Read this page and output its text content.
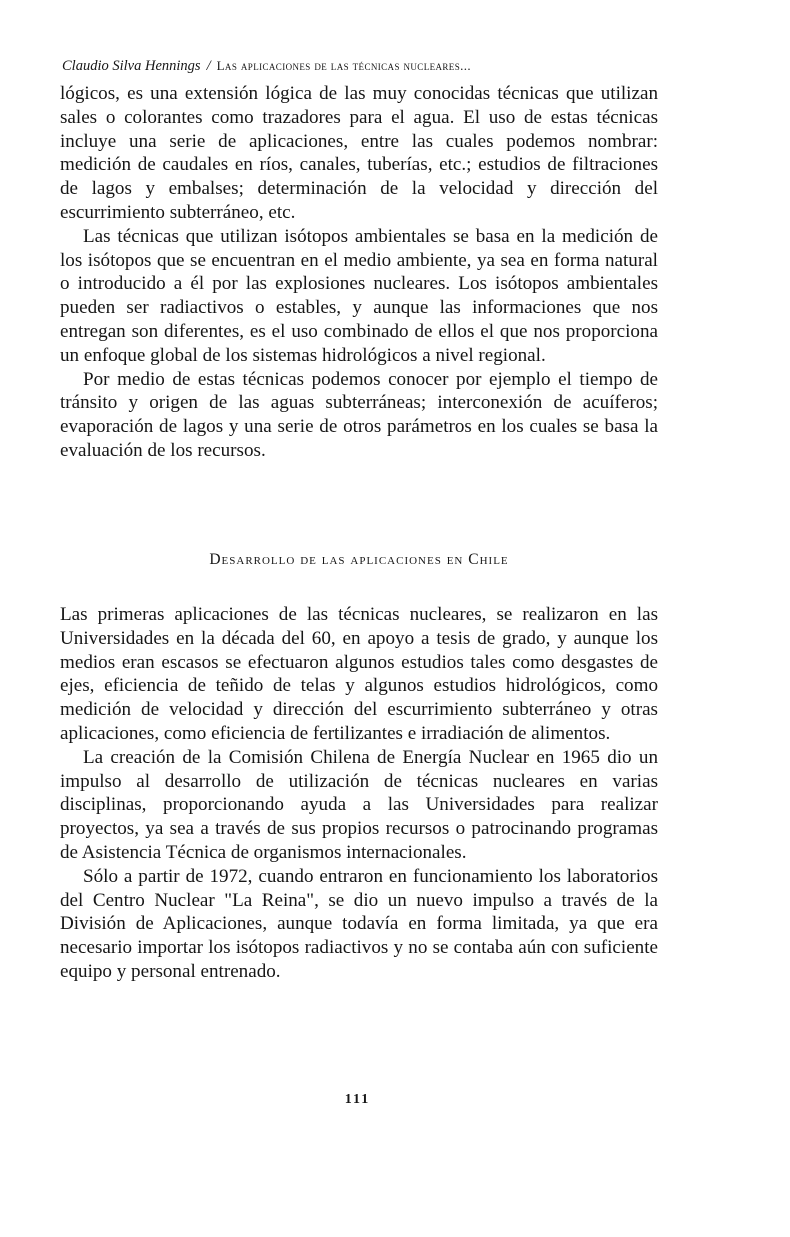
Claudio Silva Hennings / Las aplicaciones de las técnicas nucleares...

lógicos, es una extensión lógica de las muy conocidas técnicas que utilizan sales o colorantes como trazadores para el agua. El uso de estas técnicas incluye una serie de aplicaciones, entre las cuales podemos nombrar: medición de caudales en ríos, canales, tuberías, etc.; estudios de filtraciones de lagos y embalses; determinación de la velocidad y dirección del escurrimiento subterráneo, etc.

Las técnicas que utilizan isótopos ambientales se basa en la medición de los isótopos que se encuentran en el medio ambiente, ya sea en forma natural o introducido a él por las explosiones nucleares. Los isótopos ambientales pueden ser radiactivos o estables, y aunque las informaciones que nos entregan son diferentes, es el uso combinado de ellos el que nos proporciona un enfoque global de los sistemas hidrológicos a nivel regional.

Por medio de estas técnicas podemos conocer por ejemplo el tiempo de tránsito y origen de las aguas subterráneas; interconexión de acuíferos; evaporación de lagos y una serie de otros parámetros en los cuales se basa la evaluación de los recursos.

Desarrollo de las aplicaciones en Chile

Las primeras aplicaciones de las técnicas nucleares, se realizaron en las Universidades en la década del 60, en apoyo a tesis de grado, y aunque los medios eran escasos se efectuaron algunos estudios tales como desgastes de ejes, eficiencia de teñido de telas y algunos estudios hidrológicos, como medición de velocidad y dirección del escurrimiento subterráneo y otras aplicaciones, como eficiencia de fertilizantes e irradiación de alimentos.

La creación de la Comisión Chilena de Energía Nuclear en 1965 dio un impulso al desarrollo de utilización de técnicas nucleares en varias disciplinas, proporcionando ayuda a las Universidades para realizar proyectos, ya sea a través de sus propios recursos o patrocinando programas de Asistencia Técnica de organismos internacionales.

Sólo a partir de 1972, cuando entraron en funcionamiento los laboratorios del Centro Nuclear "La Reina", se dio un nuevo impulso a través de la División de Aplicaciones, aunque todavía en forma limitada, ya que era necesario importar los isótopos radiactivos y no se contaba aún con suficiente equipo y personal entrenado.

111
